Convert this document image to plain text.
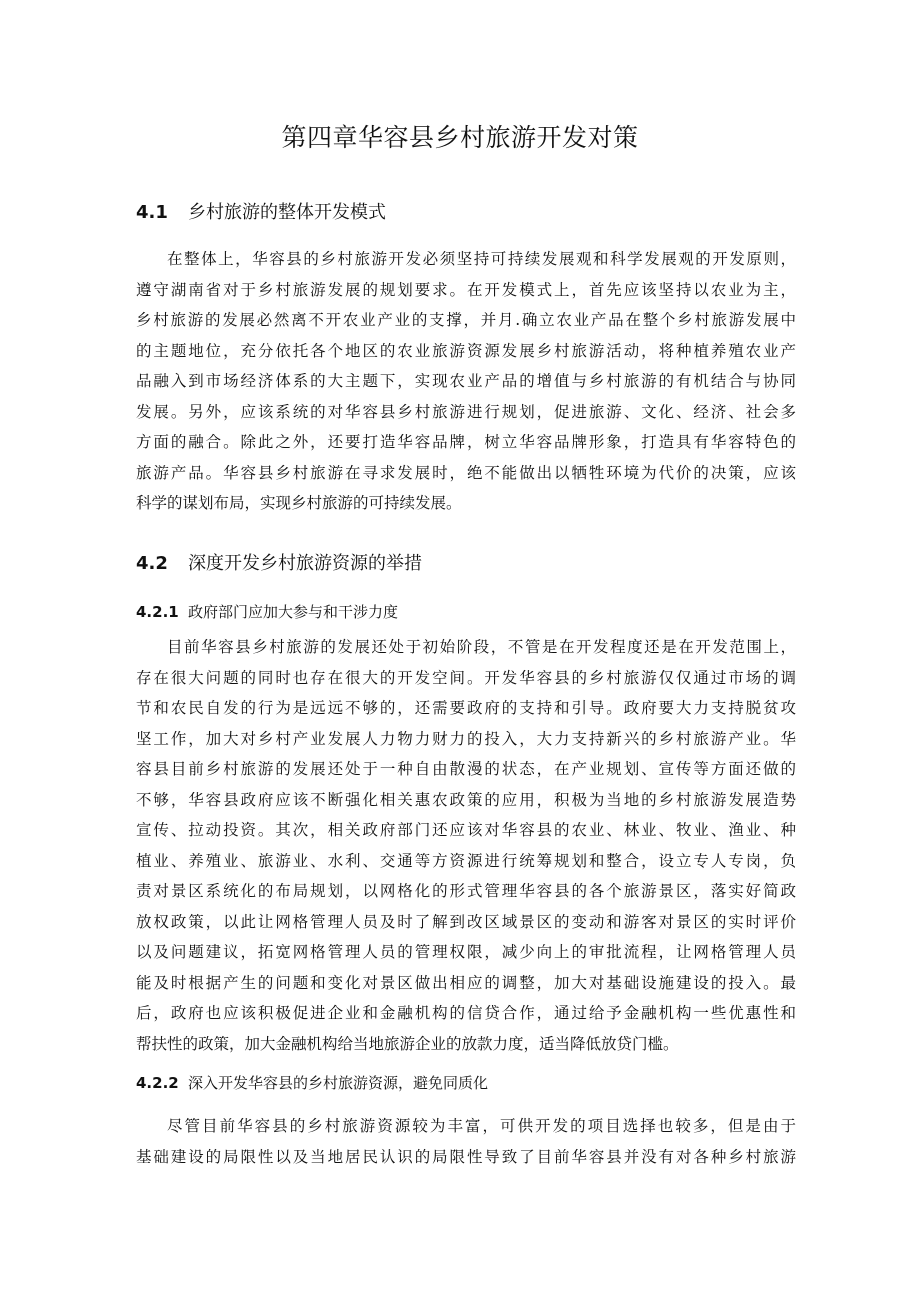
第四章华容县乡村旅游开发对策
4.1 乡村旅游的整体开发模式
在整体上，华容县的乡村旅游开发必须坚持可持续发展观和科学发展观的开发原则，
遵守湖南省对于乡村旅游发展的规划要求。在开发模式上，首先应该坚持以农业为主，
乡村旅游的发展必然离不开农业产业的支撑，并月.确立农业产品在整个乡村旅游发展中
的主题地位，充分依托各个地区的农业旅游资源发展乡村旅游活动，将种植养殖农业产
品融入到市场经济体系的大主题下，实现农业产品的增值与乡村旅游的有机结合与协同
发展。另外，应该系统的对华容县乡村旅游进行规划，促进旅游、文化、经济、社会多
方面的融合。除此之外，还要打造华容品牌，树立华容品牌形象，打造具有华容特色的
旅游产品。华容县乡村旅游在寻求发展时，绝不能做出以牺牲环境为代价的决策，应该
科学的谋划布局，实现乡村旅游的可持续发展。
4.2 深度开发乡村旅游资源的举措
4.2.1 政府部门应加大参与和干涉力度
目前华容县乡村旅游的发展还处于初始阶段，不管是在开发程度还是在开发范围上，
存在很大问题的同时也存在很大的开发空间。开发华容县的乡村旅游仅仅通过市场的调
节和农民自发的行为是远远不够的，还需要政府的支持和引导。政府要大力支持脱贫攻
坚工作，加大对乡村产业发展人力物力财力的投入，大力支持新兴的乡村旅游产业。华
容县目前乡村旅游的发展还处于一种自由散漫的状态，在产业规划、宣传等方面还做的
不够，华容县政府应该不断强化相关惠农政策的应用，积极为当地的乡村旅游发展造势
宣传、拉动投资。其次，相关政府部门还应该对华容县的农业、林业、牧业、渔业、种
植业、养殖业、旅游业、水利、交通等方资源进行统筹规划和整合，设立专人专岗，负
责对景区系统化的布局规划，以网格化的形式管理华容县的各个旅游景区，落实好简政
放权政策，以此让网格管理人员及时了解到改区域景区的变动和游客对景区的实时评价
以及问题建议，拓宽网格管理人员的管理权限，减少向上的审批流程，让网格管理人员
能及时根据产生的问题和变化对景区做出相应的调整，加大对基础设施建设的投入。最
后，政府也应该积极促进企业和金融机构的信贷合作，通过给予金融机构一些优惠性和
帮扶性的政策，加大金融机构给当地旅游企业的放款力度，适当降低放贷门槛。
4.2.2 深入开发华容县的乡村旅游资源，避免同质化
尽管目前华容县的乡村旅游资源较为丰富，可供开发的项目选择也较多，但是由于
基础建设的局限性以及当地居民认识的局限性导致了目前华容县并没有对各种乡村旅游
